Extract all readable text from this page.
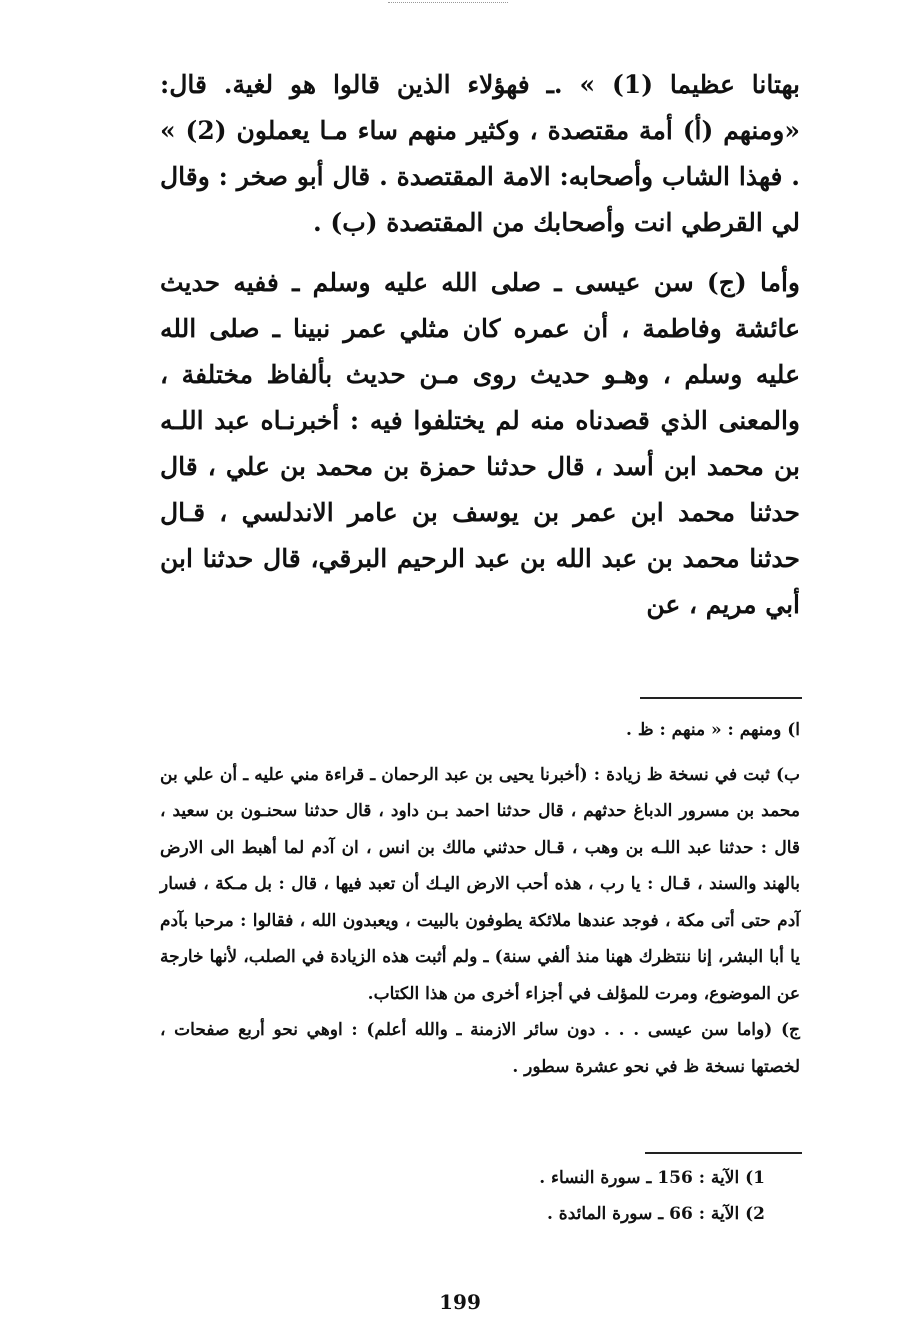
بهتانا عظيما (1) » .ـ فهؤلاء الذين قالوا هو لغية. قال: «ومنهم (أ) أمة مقتصدة ، وكثير منهم ساء مـا يعملون (2) » . فهذا الشاب وأصحابه: الامة المقتصدة . قال أبو صخر : وقال لي القرطي انت وأصحابك من المقتصدة (ب) .

وأما (ج) سن عيسى ـ صلى الله عليه وسلم ـ ففيه حديث عائشة وفاطمة ، أن عمره كان مثلي عمر نبينا ـ صلى الله عليه وسلم ، وهـو حديث روى مـن حديث بألفاظ مختلفة ، والمعنى الذي قصدناه منه لم يختلفوا فيه : أخبرنـاه عبد اللـه بن محمد ابن أسد ، قال حدثنا حمزة بن محمد بن علي ، قال حدثنا محمد ابن عمر بن يوسف بن عامر الاندلسي ، قـال حدثنا محمد بن عبد الله بن عبد الرحيم البرقي، قال حدثنا ابن أبي مريم ، عن

ا) ومنهم : « منهم : ظ .

ب) ثبت في نسخة ظ زيادة : (أخبرنا يحيى بن عبد الرحمان ـ قراءة مني عليه ـ أن علي بن محمد بن مسرور الدباغ حدثهم ، قال حدثنا احمد بـن داود ، قال حدثنا سحنـون بن سعيد ، قال : حدثنا عبد اللـه بن وهب ، قـال حدثني مالك بن انس ، ان آدم لما أهبط الى الارض بالهند والسند ، قـال : يا رب ، هذه أحب الارض اليـك أن تعبد فيها ، قال : بل مـكة ، فسار آدم حتى أتى مكة ، فوجد عندها ملائكة يطوفون بالبيت ، ويعبدون الله ، فقالوا : مرحبا بآدم يا أبا البشر، إنا ننتظرك ههنا منذ ألفي سنة) ـ ولم أثبت هذه الزيادة في الصلب، لأنها خارجة عن الموضوع، ومرت للمؤلف في أجزاء أخرى من هذا الكتاب.

ج) (واما سن عيسى . . . دون سائر الازمنة ـ والله أعلم) : اوهي نحو أربع صفحات ، لخصتها نسخة ظ في نحو عشرة سطور .

1) الآية : 156 ـ سورة النساء .

2) الآية : 66 ـ سورة المائدة .

199
